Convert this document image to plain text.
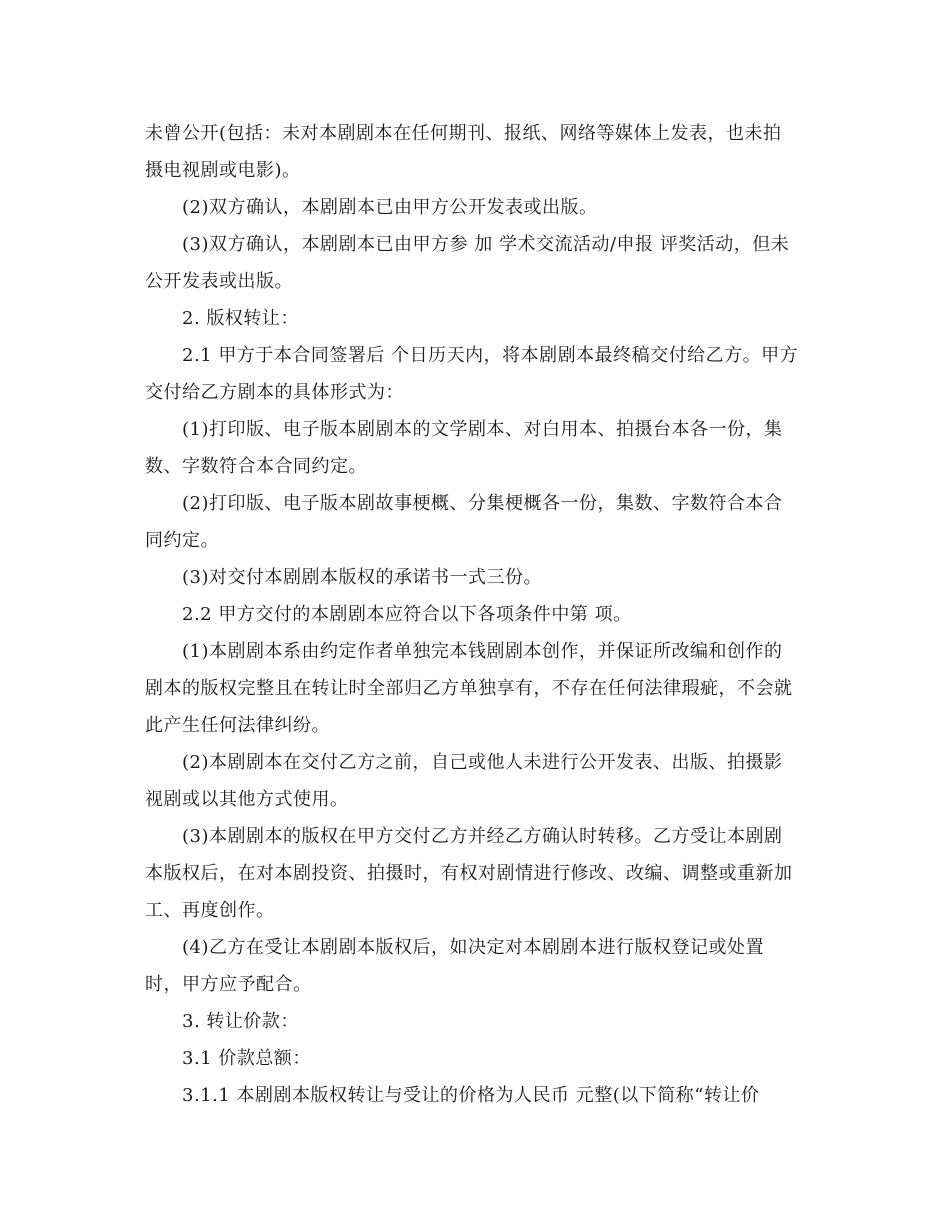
未曾公开(包括：未对本剧剧本在任何期刊、报纸、网络等媒体上发表，也未拍
摄电视剧或电影)。

(2)双方确认，本剧剧本已由甲方公开发表或出版。

(3)双方确认，本剧剧本已由甲方参 加 学术交流活动/申报 评奖活动，但未
公开发表或出版。

2. 版权转让：

2.1 甲方于本合同签署后 个日历天内，将本剧剧本最终稿交付给乙方。甲方
交付给乙方剧本的具体形式为：

(1)打印版、电子版本剧剧本的文学剧本、对白用本、拍摄台本各一份，集
数、字数符合本合同约定。

(2)打印版、电子版本剧故事梗概、分集梗概各一份，集数、字数符合本合
同约定。

(3)对交付本剧剧本版权的承诺书一式三份。

2.2 甲方交付的本剧剧本应符合以下各项条件中第 项。

(1)本剧剧本系由约定作者单独完本钱剧剧本创作，并保证所改编和创作的
剧本的版权完整且在转让时全部归乙方单独享有，不存在任何法律瑕疵，不会就
此产生任何法律纠纷。

(2)本剧剧本在交付乙方之前，自己或他人未进行公开发表、出版、拍摄影
视剧或以其他方式使用。

(3)本剧剧本的版权在甲方交付乙方并经乙方确认时转移。乙方受让本剧剧
本版权后，在对本剧投资、拍摄时，有权对剧情进行修改、改编、调整或重新加
工、再度创作。

(4)乙方在受让本剧剧本版权后，如决定对本剧剧本进行版权登记或处置
时，甲方应予配合。

3. 转让价款：

3.1 价款总额：

3.1.1 本剧剧本版权转让与受让的价格为人民币 元整(以下简称“转让价
